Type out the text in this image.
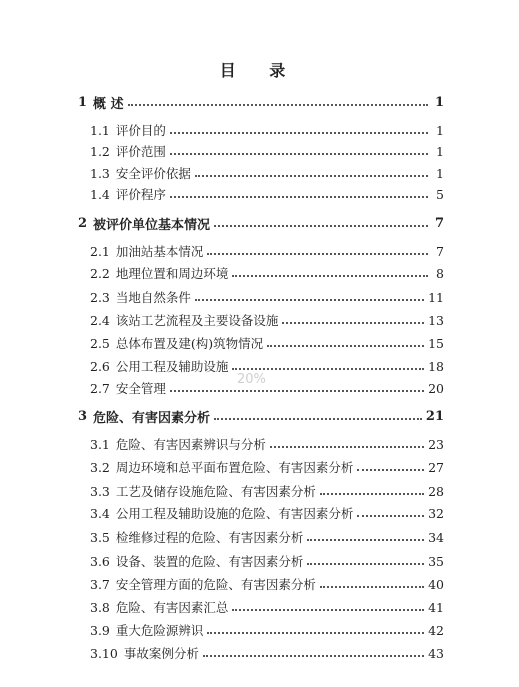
目 录
1 概 述	1
1.1 评价目的	1
1.2 评价范围	1
1.3 安全评价依据	1
1.4 评价程序	5
2 被评价单位基本情况	7
2.1 加油站基本情况	7
2.2 地理位置和周边环境	8
2.3 当地自然条件	11
2.4 该站工艺流程及主要设备设施	13
2.5 总体布置及建(构)筑物情况	15
2.6 公用工程及辅助设施	18
2.7 安全管理	20
3 危险、有害因素分析	21
3.1 危险、有害因素辨识与分析	23
3.2 周边环境和总平面布置危险、有害因素分析	27
3.3 工艺及储存设施危险、有害因素分析	28
3.4 公用工程及辅助设施的危险、有害因素分析	32
3.5 检维修过程的危险、有害因素分析	34
3.6 设备、装置的危险、有害因素分析	35
3.7 安全管理方面的危险、有害因素分析	40
3.8 危险、有害因素汇总	41
3.9 重大危险源辨识	42
3.10 事故案例分析	43
20%
